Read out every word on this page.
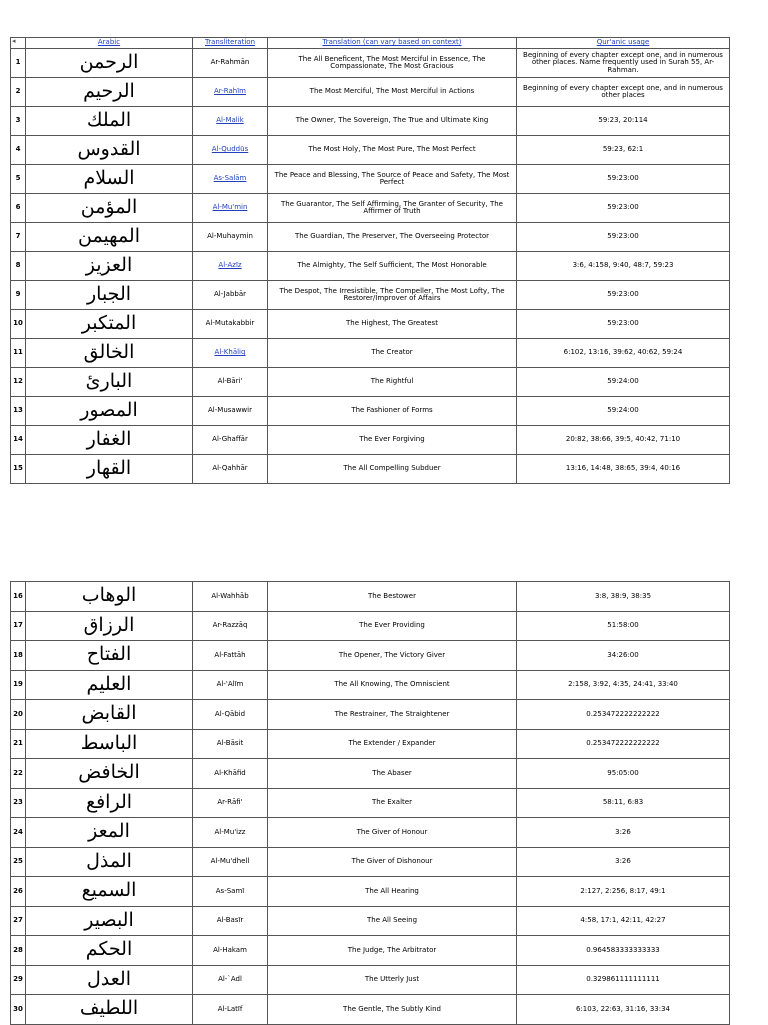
◂	Arabic	Transliteration	Translation (can vary based on context)	Qur'anic usage
1	الرحمن	Ar-Rahmān	The All Beneficent, The Most Merciful in Essence, The Compassionate, The Most Gracious	Beginning of every chapter except one, and in numerous other places. Name frequently used in Surah 55, Ar-Rahman.
2	الرحيم	Ar-Rahīm	The Most Merciful, The Most Merciful in Actions	Beginning of every chapter except one, and in numerous other places
3	الملك	Al-Malik	The Owner, The Sovereign, The True and Ultimate King	59:23, 20:114
4	القدوس	Al-Quddūs	The Most Holy, The Most Pure, The Most Perfect	59:23, 62:1
5	السلام	As-Salām	The Peace and Blessing, The Source of Peace and Safety, The Most Perfect	59:23:00
6	المؤمن	Al-Mu'min	The Guarantor, The Self Affirming, The Granter of Security, The Affirmer of Truth	59:23:00
7	المهيمن	Al-Muhaymin	The Guardian, The Preserver, The Overseeing Protector	59:23:00
8	العزيز	Al-Azīz	The Almighty, The Self Sufficient, The Most Honorable	3:6, 4:158, 9:40, 48:7, 59:23
9	الجبار	Al-Jabbār	The Despot, The Irresistible, The Compeller, The Most Lofty, The Restorer/Improver of Affairs	59:23:00
10	المتكبر	Al-Mutakabbir	The Highest, The Greatest	59:23:00
11	الخالق	Al-Khāliq	The Creator	6:102, 13:16, 39:62, 40:62, 59:24
12	البارئ	Al-Bāri'	The Rightful	59:24:00
13	المصور	Al-Musawwir	The Fashioner of Forms	59:24:00
14	الغفار	Al-Ghaffār	The Ever Forgiving	20:82, 38:66, 39:5, 40:42, 71:10
15	القهار	Al-Qahhār	The All Compelling Subduer	13:16, 14:48, 38:65, 39:4, 40:16
16	الوهاب	Al-Wahhāb	The Bestower	3:8, 38:9, 38:35
17	الرزاق	Ar-Razzāq	The Ever Providing	51:58:00
18	الفتاح	Al-Fattāh	The Opener, The Victory Giver	34:26:00
19	العليم	Al-'Alīm	The All Knowing, The Omniscient	2:158, 3:92, 4:35, 24:41, 33:40
20	القابض	Al-Qābid	The Restrainer, The Straightener	0.253472222222222
21	الباسط	Al-Bāsit	The Extender / Expander	0.253472222222222
22	الخافض	Al-Khāfid	The Abaser	95:05:00
23	الرافع	Ar-Rāfi'	The Exalter	58:11, 6:83
24	المعز	Al-Mu'izz	The Giver of Honour	3:26
25	المذل	Al-Mu'dhell	The Giver of Dishonour	3:26
26	السميع	As-Samī	The All Hearing	2:127, 2:256, 8:17, 49:1
27	البصير	Al-Basīr	The All Seeing	4:58, 17:1, 42:11, 42:27
28	الحكم	Al-Hakam	The Judge, The Arbitrator	0.964583333333333
29	العدل	Al-`Adl	The Utterly Just	0.329861111111111
30	اللطيف	Al-Latīf	The Gentle, The Subtly Kind	6:103, 22:63, 31:16, 33:34
